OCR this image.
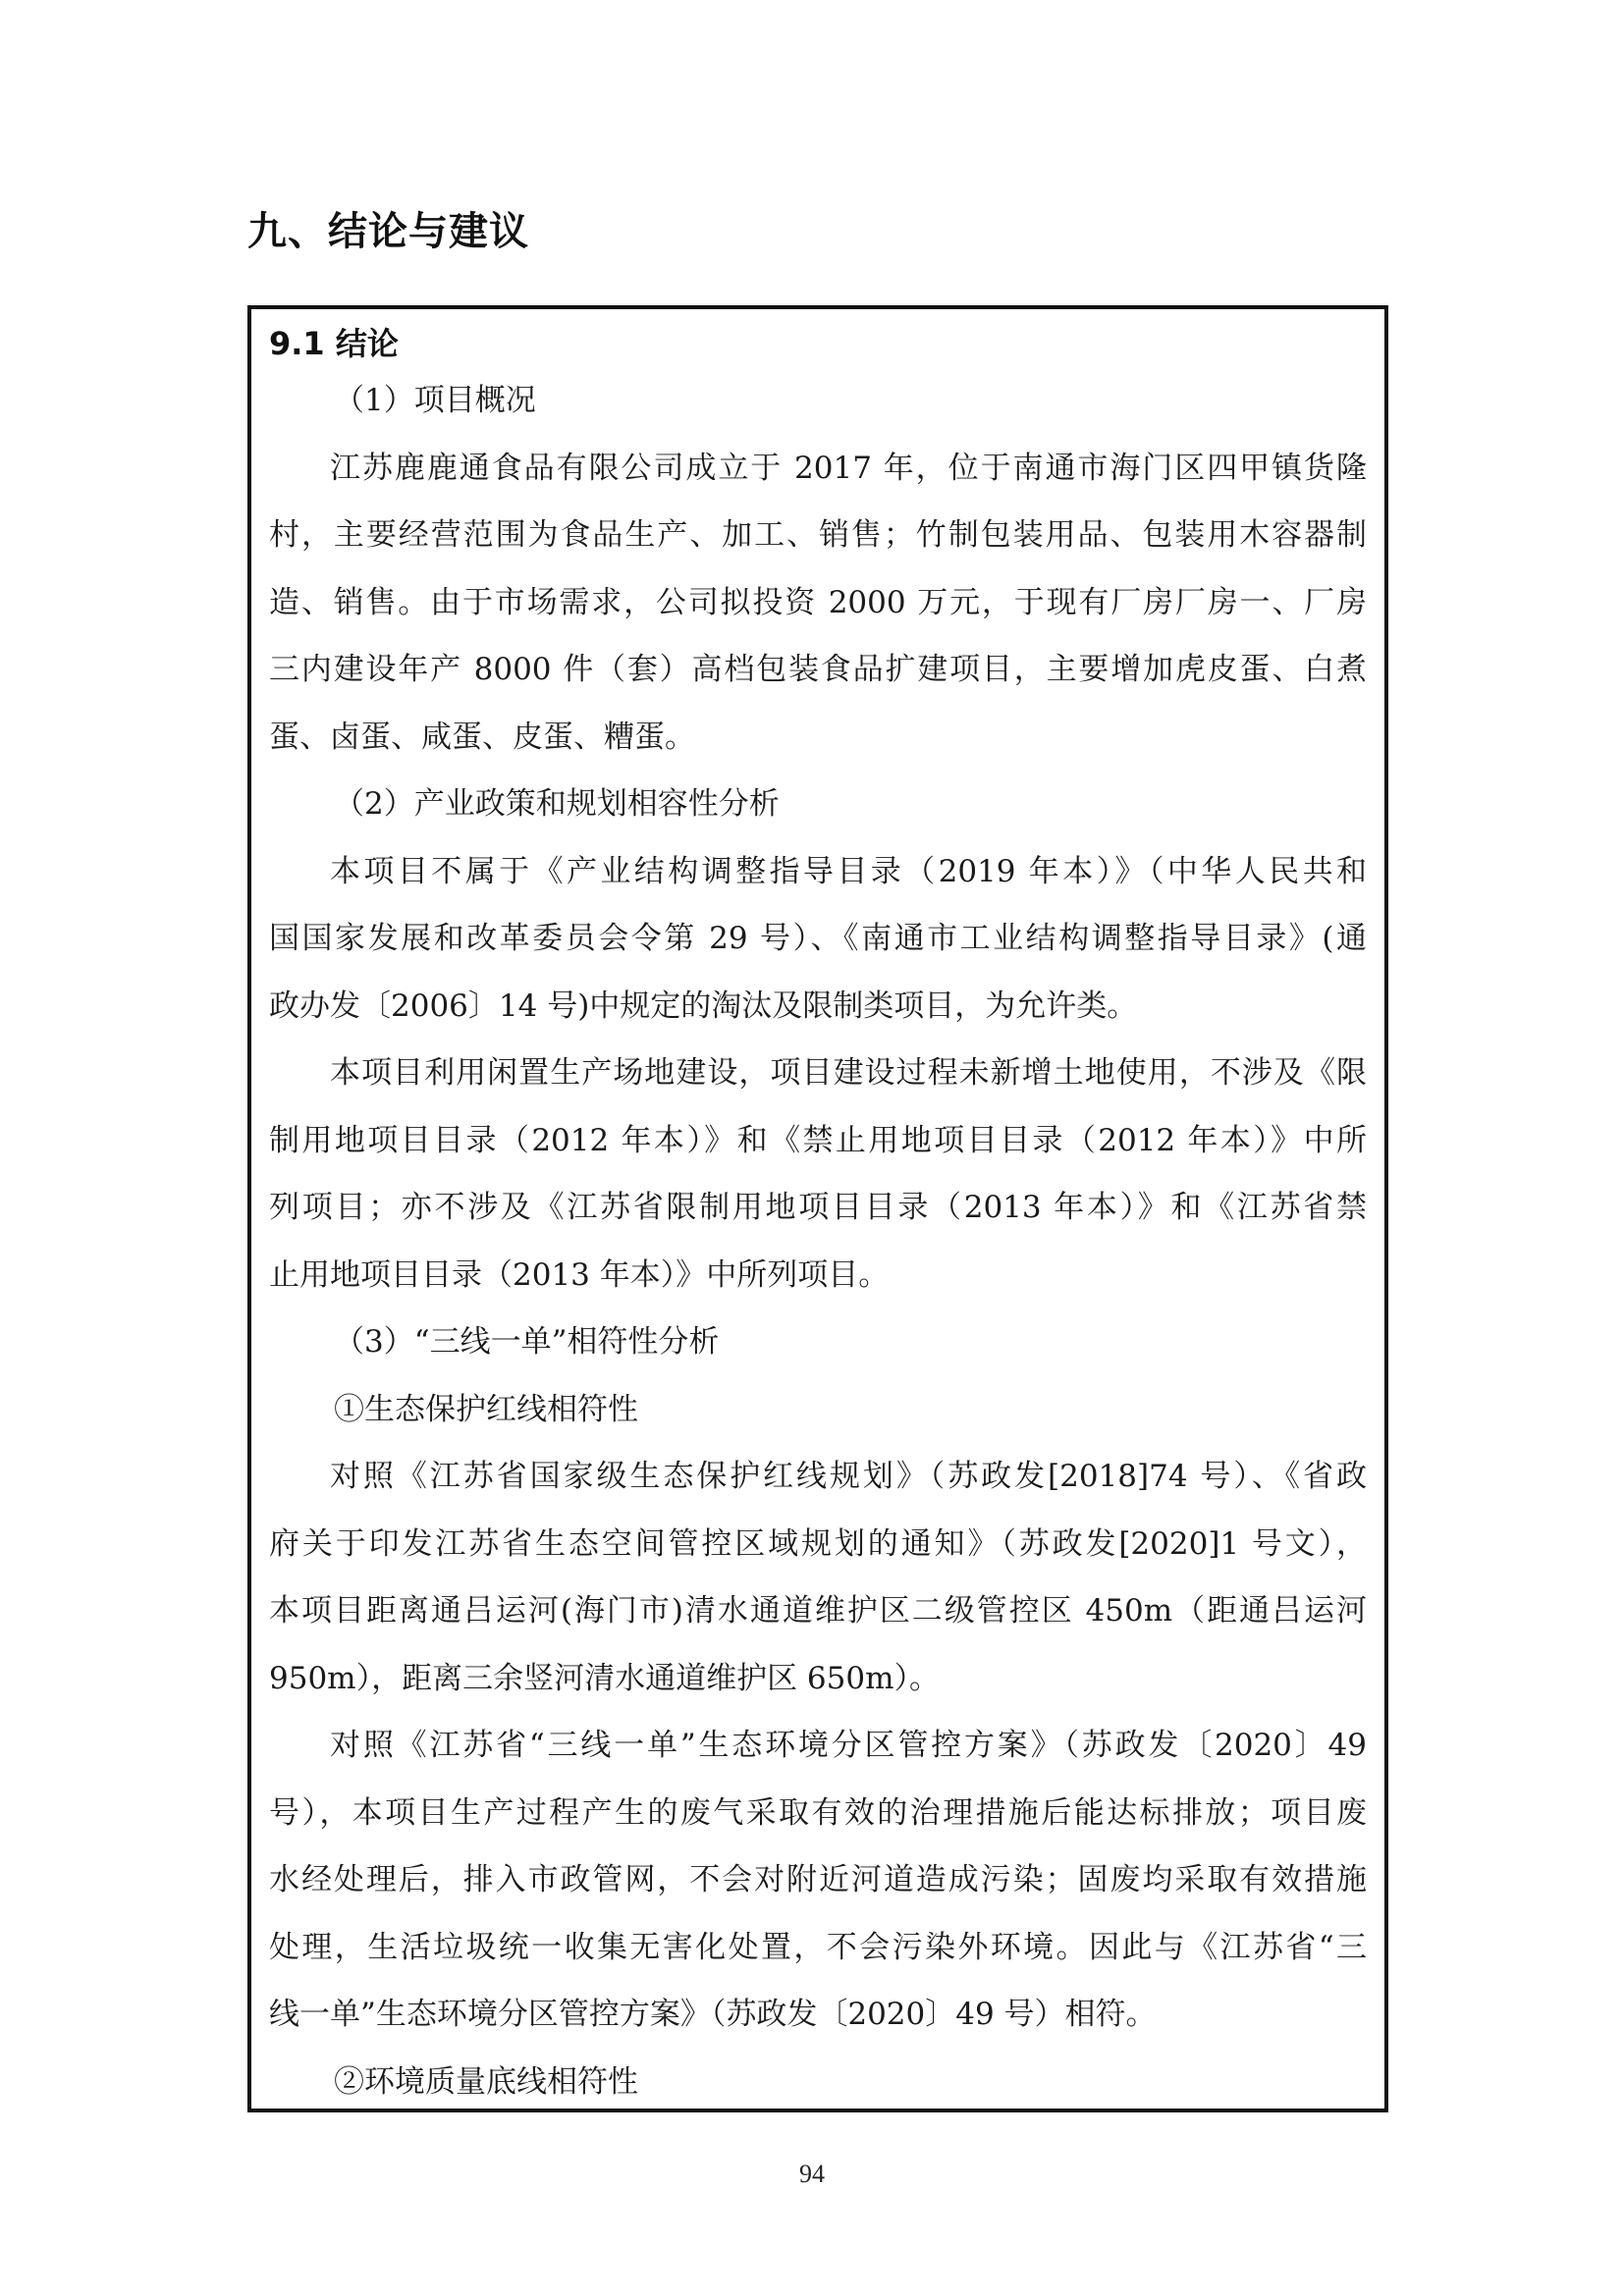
九、结论与建议
9.1 结论

（1）项目概况

江苏鹿鹿通食品有限公司成立于 2017 年，位于南通市海门区四甲镇货隆

村，主要经营范围为食品生产、加工、销售；竹制包装用品、包装用木容器制

造、销售。由于市场需求，公司拟投资 2000 万元，于现有厂房厂房一、厂房

三内建设年产 8000 件（套）高档包装食品扩建项目，主要增加虎皮蛋、白煮

蛋、卤蛋、咸蛋、皮蛋、糟蛋。

（2）产业政策和规划相容性分析

本项目不属于《产业结构调整指导目录（2019 年本）》（中华人民共和

国国家发展和改革委员会令第 29 号）、《南通市工业结构调整指导目录》(通

政办发〔2006〕14 号)中规定的淘汰及限制类项目，为允许类。

本项目利用闲置生产场地建设，项目建设过程未新增土地使用，不涉及《限

制用地项目目录（2012 年本）》和《禁止用地项目目录（2012 年本）》中所

列项目；亦不涉及《江苏省限制用地项目目录（2013 年本）》和《江苏省禁

止用地项目目录（2013 年本）》中所列项目。

（3）“三线一单”相符性分析

①生态保护红线相符性

对照《江苏省国家级生态保护红线规划》（苏政发[2018]74 号）、《省政

府关于印发江苏省生态空间管控区域规划的通知》（苏政发[2020]1 号文），

本项目距离通吕运河(海门市)清水通道维护区二级管控区 450m（距通吕运河

950m），距离三余竖河清水通道维护区 650m）。

对照《江苏省“三线一单”生态环境分区管控方案》（苏政发〔2020〕49

号），本项目生产过程产生的废气采取有效的治理措施后能达标排放；项目废

水经处理后，排入市政管网，不会对附近河道造成污染；固废均采取有效措施

处理，生活垃圾统一收集无害化处置，不会污染外环境。因此与《江苏省“三

线一单”生态环境分区管控方案》（苏政发〔2020〕49 号）相符。

②环境质量底线相符性

94
